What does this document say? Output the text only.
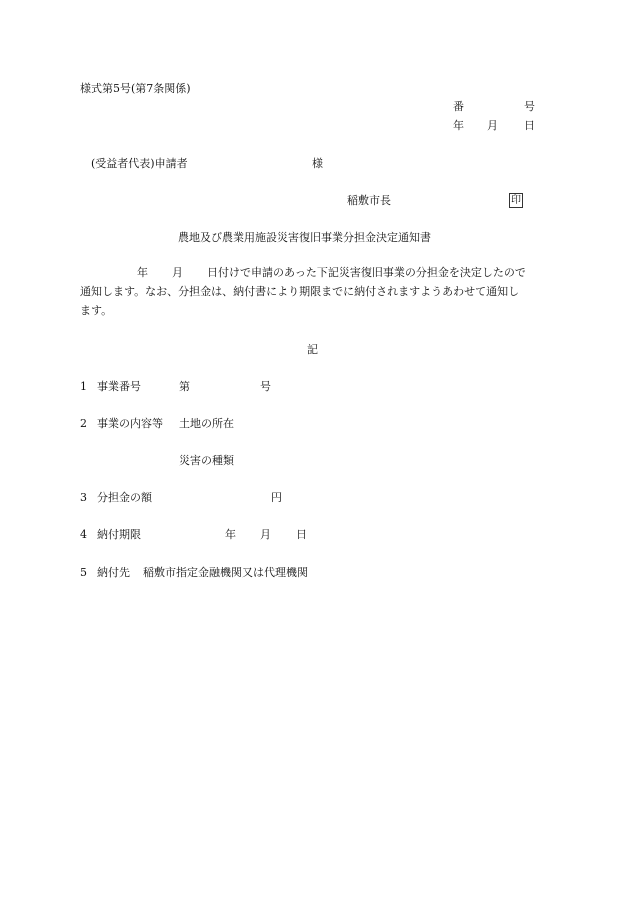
様式第5号(第7条関係)
番	号
年 月 日
(受益者代表)申請者	様
稲敷市長	印
農地及び農業用施設災害復旧事業分担金決定通知書
年 月 日付けで申請のあった下記災害復旧事業の分担金を決定したので
通知します。なお、分担金は、納付書により期限までに納付されますようあわせて通知し
ます。
記
1 事業番号	第	号
2 事業の内容等 土地の所在
災害の種類
3 分担金の額	円
4 納付期限	年 月 日
5 納付先 稲敷市指定金融機関又は代理機関
